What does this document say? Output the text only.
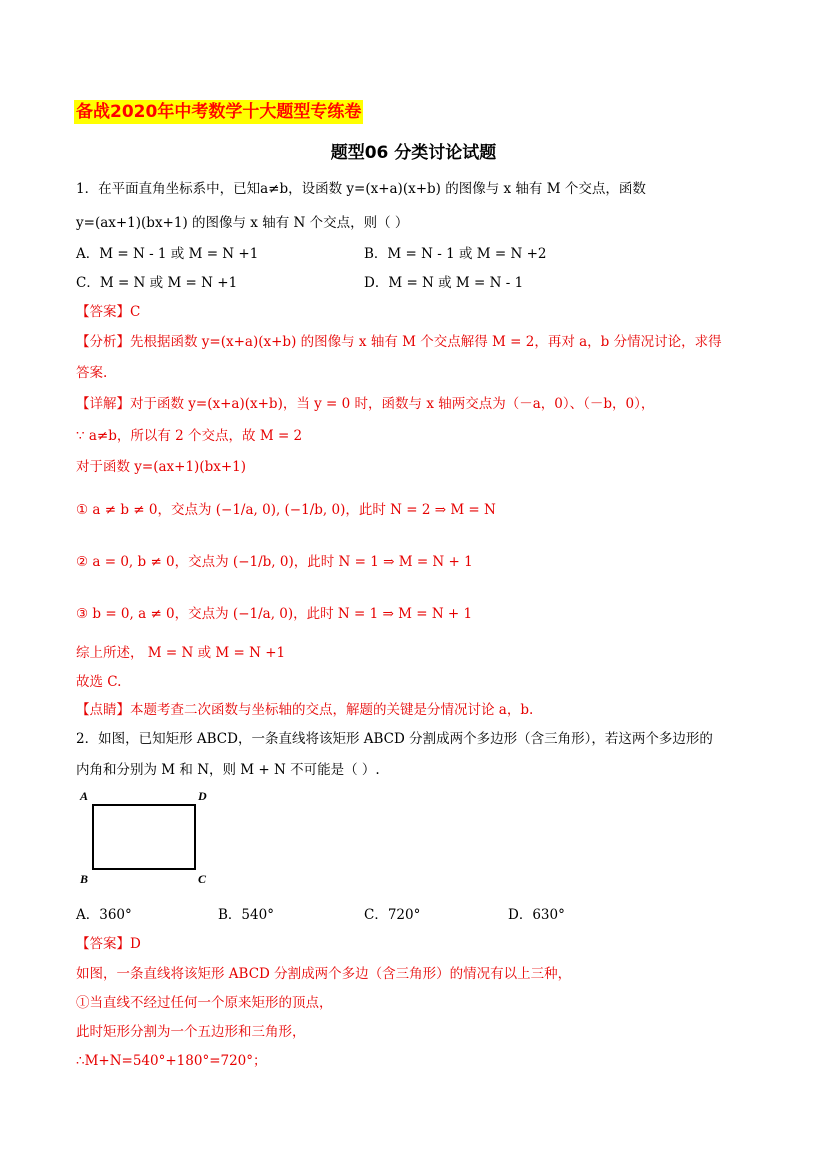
备战2020年中考数学十大题型专练卷
题型06 分类讨论试题
1．在平面直角坐标系中，已知a≠b，设函数 y=(x+a)(x+b) 的图像与 x 轴有 M 个交点，函数
y=(ax+1)(bx+1) 的图像与 x 轴有 N 个交点，则（ ）
A．M = N - 1 或 M = N +1	B．M = N - 1 或 M = N +2
C．M = N 或 M = N +1	D．M = N 或 M = N - 1
【答案】C
【分析】先根据函数 y=(x+a)(x+b) 的图像与 x 轴有 M 个交点解得 M = 2，再对 a，b 分情况讨论，求得
答案.
【详解】对于函数 y=(x+a)(x+b)，当 y = 0 时，函数与 x 轴两交点为（－a，0）、（－b，0），
∵ a≠b，所以有 2 个交点，故 M = 2
对于函数 y=(ax+1)(bx+1)
① a ≠ b ≠ 0，交点为 (−1/a, 0), (−1/b, 0)，此时 N = 2 ⇒ M = N
② a = 0, b ≠ 0，交点为 (−1/b, 0)，此时 N = 1 ⇒ M = N + 1
③ b = 0, a ≠ 0，交点为 (−1/a, 0)，此时 N = 1 ⇒ M = N + 1
综上所述， M = N 或 M = N +1
故选 C.
【点睛】本题考查二次函数与坐标轴的交点，解题的关键是分情况讨论 a，b.
2．如图，已知矩形 ABCD，一条直线将该矩形 ABCD 分割成两个多边形（含三角形），若这两个多边形的
内角和分别为 M 和 N，则 M + N 不可能是（ ）.
A	D
B	C
A．360°	B．540°	C．720°	D．630°
【答案】D
如图，一条直线将该矩形 ABCD 分割成两个多边（含三角形）的情况有以上三种，
①当直线不经过任何一个原来矩形的顶点，
此时矩形分割为一个五边形和三角形，
∴M+N=540°+180°=720°；
